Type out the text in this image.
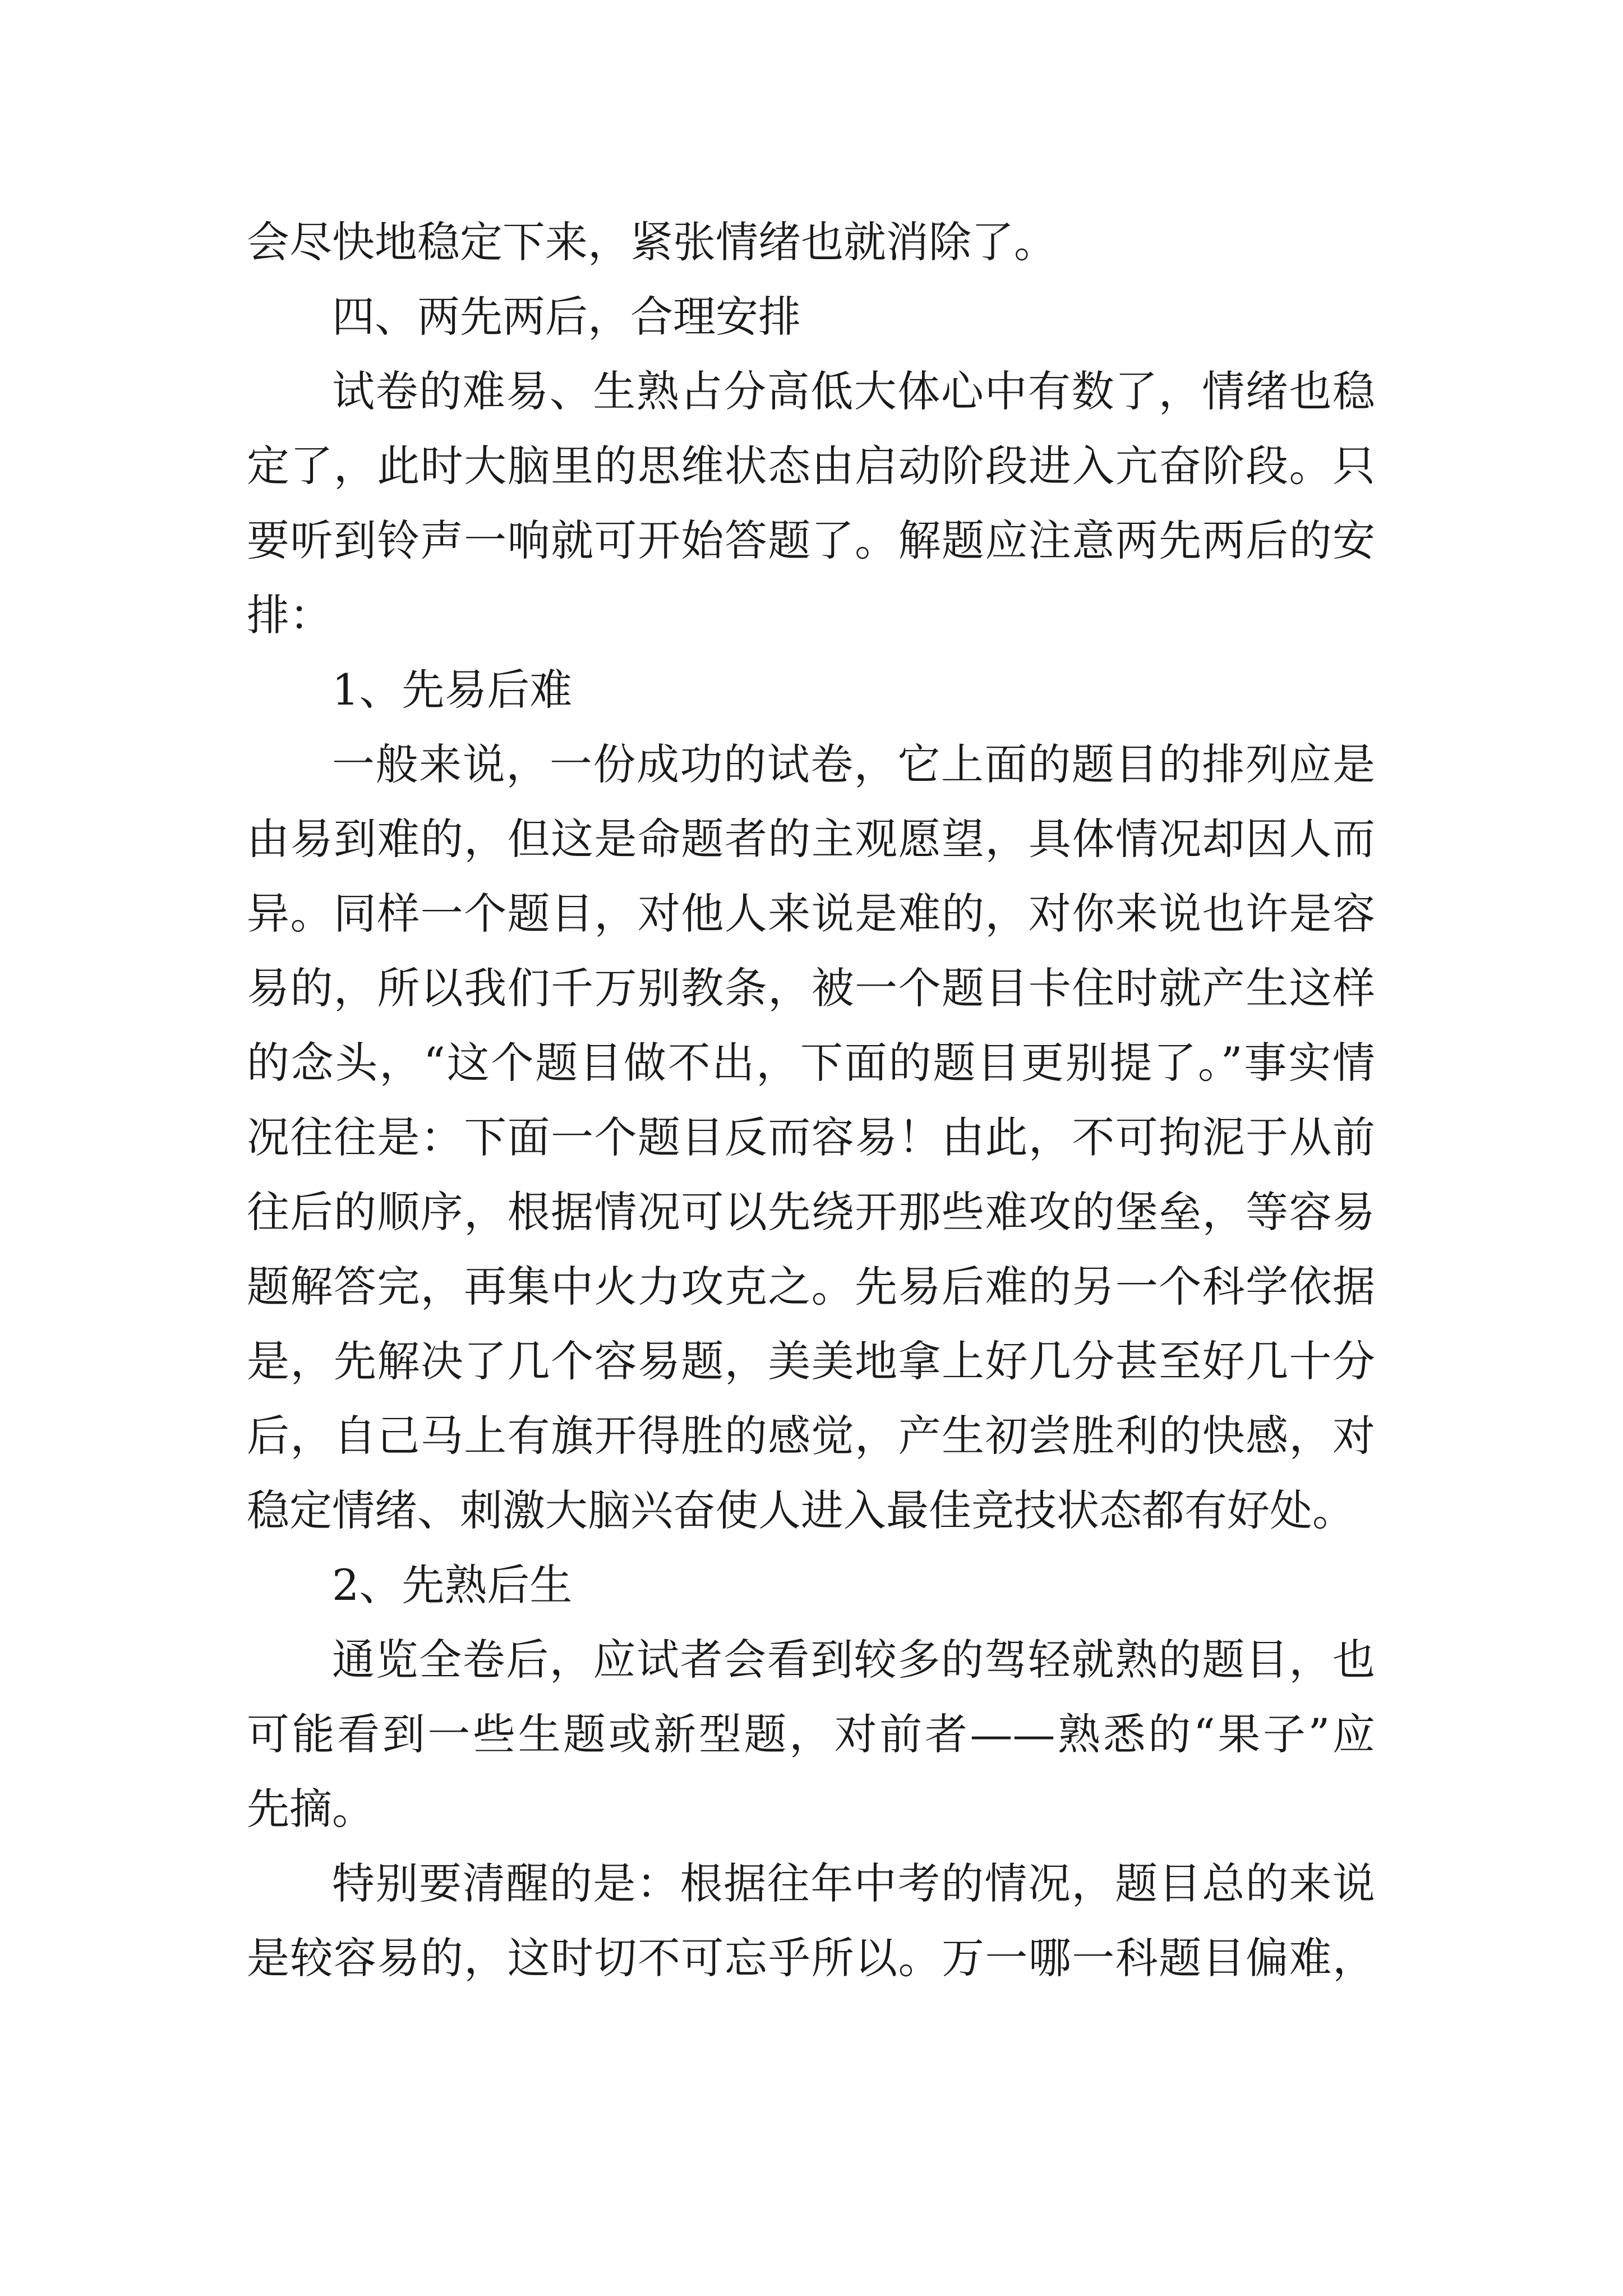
会尽快地稳定下来，紧张情绪也就消除了。
四、两先两后，合理安排
试卷的难易、生熟占分高低大体心中有数了，情绪也稳
定了，此时大脑里的思维状态由启动阶段进入亢奋阶段。只
要听到铃声一响就可开始答题了。解题应注意两先两后的安
排：
1、先易后难
一般来说，一份成功的试卷，它上面的题目的排列应是
由易到难的，但这是命题者的主观愿望，具体情况却因人而
异。同样一个题目，对他人来说是难的，对你来说也许是容
易的，所以我们千万别教条，被一个题目卡住时就产生这样
的念头，“这个题目做不出，下面的题目更别提了。”事实情
况往往是：下面一个题目反而容易！由此，不可拘泥于从前
往后的顺序，根据情况可以先绕开那些难攻的堡垒，等容易
题解答完，再集中火力攻克之。先易后难的另一个科学依据
是，先解决了几个容易题，美美地拿上好几分甚至好几十分
后，自己马上有旗开得胜的感觉，产生初尝胜利的快感，对
稳定情绪、刺激大脑兴奋使人进入最佳竞技状态都有好处。
2、先熟后生
通览全卷后，应试者会看到较多的驾轻就熟的题目，也
可能看到一些生题或新型题，对前者——熟悉的“果子”应
先摘。
特别要清醒的是：根据往年中考的情况，题目总的来说
是较容易的，这时切不可忘乎所以。万一哪一科题目偏难，
